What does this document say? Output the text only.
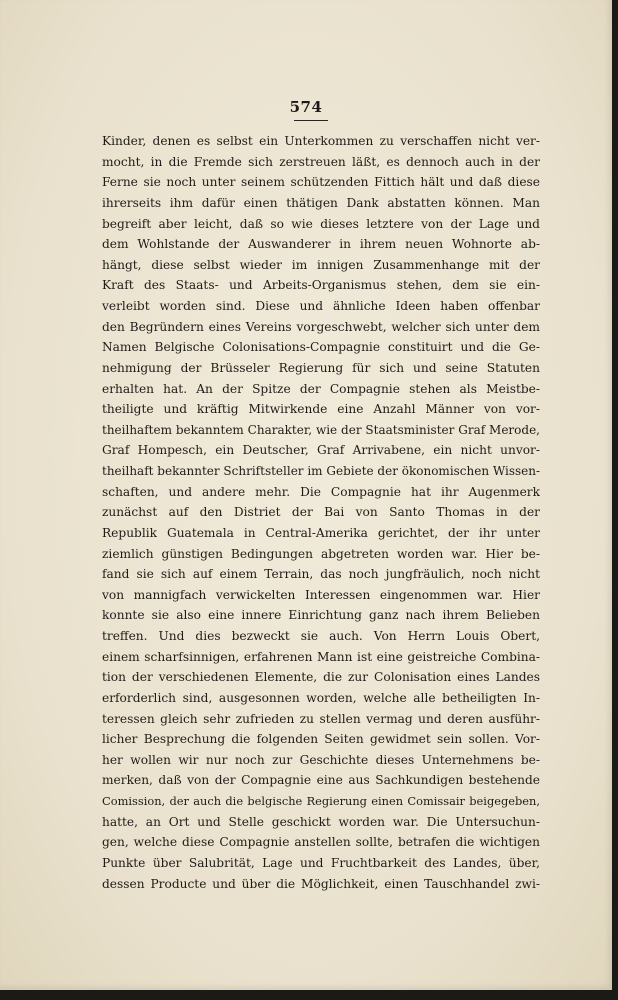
574
Kinder, denen es selbst ein Unterkommen zu verschaffen nicht ver-
mocht, in die Fremde sich zerstreuen läßt, es dennoch auch in der
Ferne sie noch unter seinem schützenden Fittich hält und daß diese
ihrerseits ihm dafür einen thätigen Dank abstatten können. Man
begreift aber leicht, daß so wie dieses letztere von der Lage und
dem Wohlstande der Auswanderer in ihrem neuen Wohnorte ab-
hängt, diese selbst wieder im innigen Zusammenhange mit der
Kraft des Staats- und Arbeits-Organismus stehen, dem sie ein-
verleibt worden sind. Diese und ähnliche Ideen haben offenbar
den Begründern eines Vereins vorgeschwebt, welcher sich unter dem
Namen Belgische Colonisations-Compagnie constituirt und die Ge-
nehmigung der Brüsseler Regierung für sich und seine Statuten
erhalten hat. An der Spitze der Compagnie stehen als Meistbe-
theiligte und kräftig Mitwirkende eine Anzahl Männer von vor-
theilhaftem bekanntem Charakter, wie der Staatsminister Graf Merode,
Graf Hompesch, ein Deutscher, Graf Arrivabene, ein nicht unvor-
theilhaft bekannter Schriftsteller im Gebiete der ökonomischen Wissen-
schaften, und andere mehr. Die Compagnie hat ihr Augenmerk
zunächst auf den Distriet der Bai von Santo Thomas in der
Republik Guatemala in Central-Amerika gerichtet, der ihr unter
ziemlich günstigen Bedingungen abgetreten worden war. Hier be-
fand sie sich auf einem Terrain, das noch jungfräulich, noch nicht
von mannigfach verwickelten Interessen eingenommen war. Hier
konnte sie also eine innere Einrichtung ganz nach ihrem Belieben
treffen. Und dies bezweckt sie auch. Von Herrn Louis Obert,
einem scharfsinnigen, erfahrenen Mann ist eine geistreiche Combina-
tion der verschiedenen Elemente, die zur Colonisation eines Landes
erforderlich sind, ausgesonnen worden, welche alle betheiligten In-
teressen gleich sehr zufrieden zu stellen vermag und deren ausführ-
licher Besprechung die folgenden Seiten gewidmet sein sollen. Vor-
her wollen wir nur noch zur Geschichte dieses Unternehmens be-
merken, daß von der Compagnie eine aus Sachkundigen bestehende
Comission, der auch die belgische Regierung einen Comissair beigegeben,
hatte, an Ort und Stelle geschickt worden war. Die Untersuchun-
gen, welche diese Compagnie anstellen sollte, betrafen die wichtigen
Punkte über Salubrität, Lage und Fruchtbarkeit des Landes, über,
dessen Producte und über die Möglichkeit, einen Tauschhandel zwi-
